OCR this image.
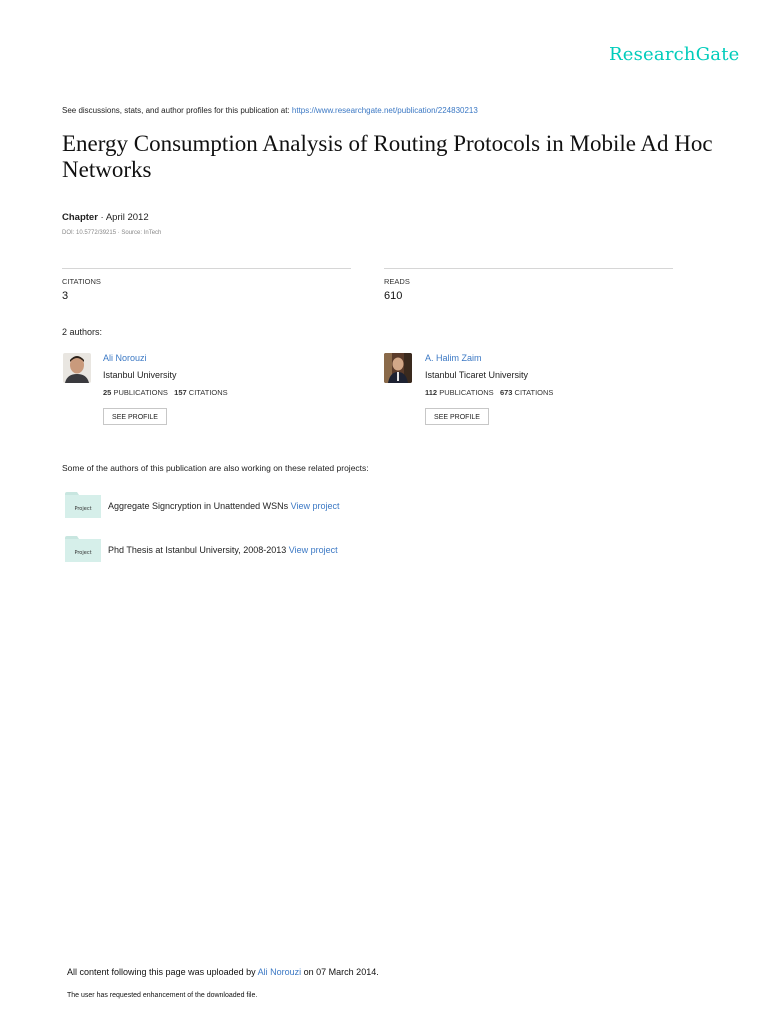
ResearchGate
See discussions, stats, and author profiles for this publication at: https://www.researchgate.net/publication/224830213
Energy Consumption Analysis of Routing Protocols in Mobile Ad Hoc Networks
Chapter · April 2012
DOI: 10.5772/39215 · Source: InTech
CITATIONS
3
READS
610
2 authors:
Ali Norouzi
Istanbul University
25 PUBLICATIONS 157 CITATIONS
SEE PROFILE
A. Halim Zaim
Istanbul Ticaret University
112 PUBLICATIONS 673 CITATIONS
SEE PROFILE
Some of the authors of this publication are also working on these related projects:
Project Aggregate Signcryption in Unattended WSNs View project
Project Phd Thesis at Istanbul University, 2008-2013 View project
All content following this page was uploaded by Ali Norouzi on 07 March 2014.
The user has requested enhancement of the downloaded file.
